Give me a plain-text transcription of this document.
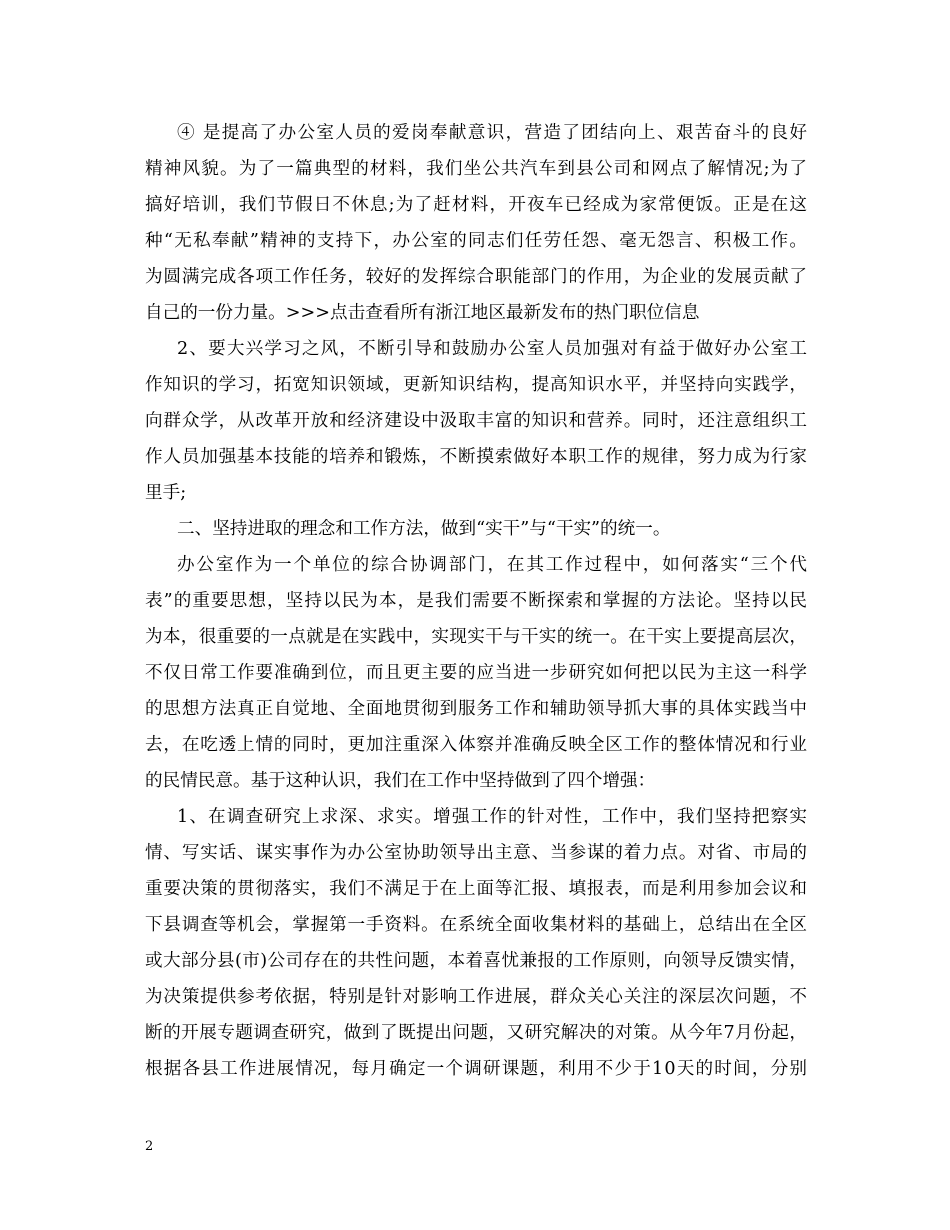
④ 是提高了办公室人员的爱岗奉献意识，营造了团结向上、艰苦奋斗的良好
精神风貌。为了一篇典型的材料，我们坐公共汽车到县公司和网点了解情况;为了
搞好培训，我们节假日不休息;为了赶材料，开夜车已经成为家常便饭。正是在这
种“无私奉献”精神的支持下，办公室的同志们任劳任怨、毫无怨言、积极工作。
为圆满完成各项工作任务，较好的发挥综合职能部门的作用，为企业的发展贡献了
自己的一份力量。>>>点击查看所有浙江地区最新发布的热门职位信息
2、要大兴学习之风，不断引导和鼓励办公室人员加强对有益于做好办公室工
作知识的学习，拓宽知识领域，更新知识结构，提高知识水平，并坚持向实践学，
向群众学，从改革开放和经济建设中汲取丰富的知识和营养。同时，还注意组织工
作人员加强基本技能的培养和锻炼，不断摸索做好本职工作的规律，努力成为行家
里手;
二、坚持进取的理念和工作方法，做到“实干”与“干实”的统一。
办公室作为一个单位的综合协调部门，在其工作过程中，如何落实“三个代
表”的重要思想，坚持以民为本，是我们需要不断探索和掌握的方法论。坚持以民
为本，很重要的一点就是在实践中，实现实干与干实的统一。在干实上要提高层次，
不仅日常工作要准确到位，而且更主要的应当进一步研究如何把以民为主这一科学
的思想方法真正自觉地、全面地贯彻到服务工作和辅助领导抓大事的具体实践当中
去，在吃透上情的同时，更加注重深入体察并准确反映全区工作的整体情况和行业
的民情民意。基于这种认识，我们在工作中坚持做到了四个增强：
1、在调查研究上求深、求实。增强工作的针对性，工作中，我们坚持把察实
情、写实话、谋实事作为办公室协助领导出主意、当参谋的着力点。对省、市局的
重要决策的贯彻落实，我们不满足于在上面等汇报、填报表，而是利用参加会议和
下县调查等机会，掌握第一手资料。在系统全面收集材料的基础上，总结出在全区
或大部分县(市)公司存在的共性问题，本着喜忧兼报的工作原则，向领导反馈实情，
为决策提供参考依据，特别是针对影响工作进展，群众关心关注的深层次问题，不
断的开展专题调查研究，做到了既提出问题，又研究解决的对策。从今年7月份起，
根据各县工作进展情况，每月确定一个调研课题，利用不少于10天的时间，分别
2
